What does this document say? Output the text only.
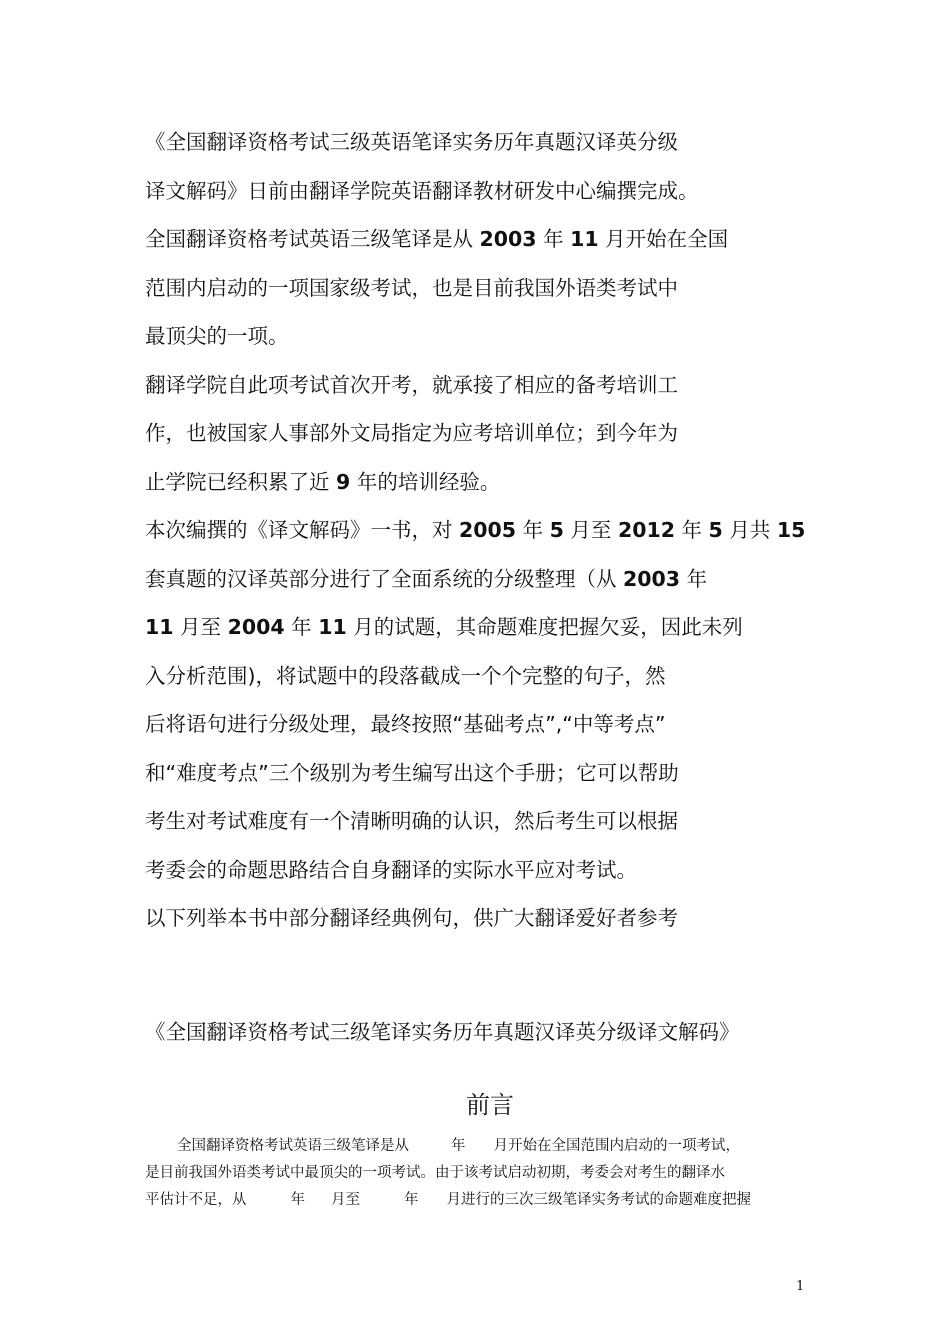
《全国翻译资格考试三级英语笔译实务历年真题汉译英分级
译文解码》日前由翻译学院英语翻译教材研发中心编撰完成。
全国翻译资格考试英语三级笔译是从 2003 年 11 月开始在全国
范围内启动的一项国家级考试，也是目前我国外语类考试中
最顶尖的一项。
翻译学院自此项考试首次开考，就承接了相应的备考培训工
作，也被国家人事部外文局指定为应考培训单位；到今年为
止学院已经积累了近 9 年的培训经验。
本次编撰的《译文解码》一书，对 2005 年 5 月至 2012 年 5 月共 15
套真题的汉译英部分进行了全面系统的分级整理（从 2003 年
11 月至 2004 年 11 月的试题，其命题难度把握欠妥，因此未列
入分析范围)，将试题中的段落截成一个个完整的句子，然
后将语句进行分级处理，最终按照“基础考点”,“中等考点”
和“难度考点”三个级别为考生编写出这个手册；它可以帮助
考生对考试难度有一个清晰明确的认识，然后考生可以根据
考委会的命题思路结合自身翻译的实际水平应对考试。
以下列举本书中部分翻译经典例句，供广大翻译爱好者参考
《全国翻译资格考试三级笔译实务历年真题汉译英分级译文解码》
前言
全国翻译资格考试英语三级笔译是从	年 月开始在全国范围内启动的一项考试，
是目前我国外语类考试中最顶尖的一项考试。由于该考试启动初期，考委会对考生的翻译水
平估计不足，从	年 月至	年 月进行的三次三级笔译实务考试的命题难度把握
1
